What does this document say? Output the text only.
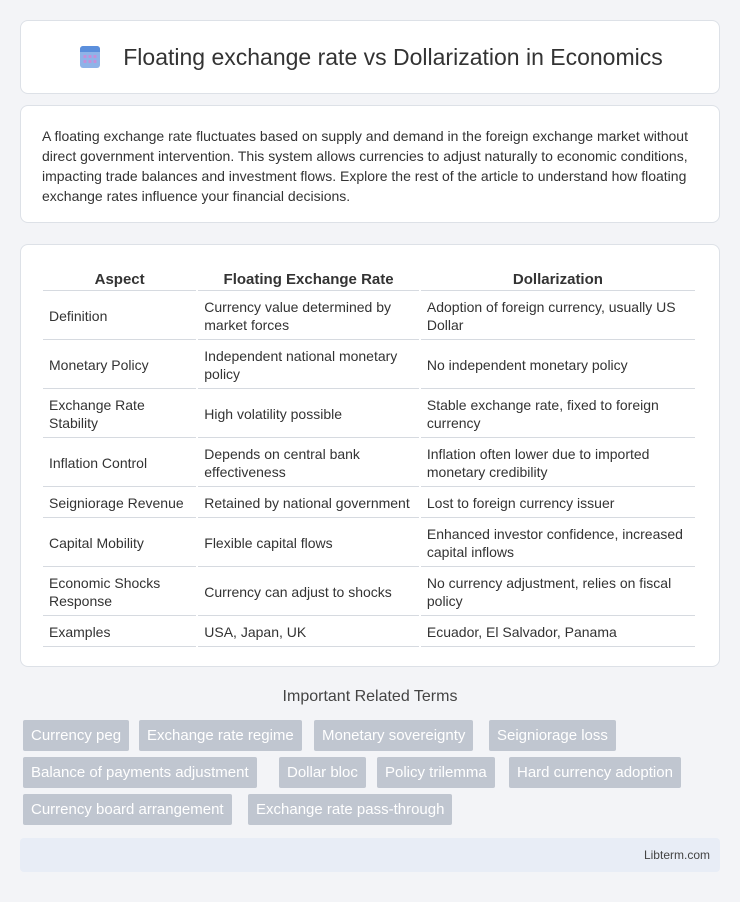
Floating exchange rate vs Dollarization in Economics

A floating exchange rate fluctuates based on supply and demand in the foreign exchange market without direct government intervention. This system allows currencies to adjust naturally to economic conditions, impacting trade balances and investment flows. Explore the rest of the article to understand how floating exchange rates influence your financial decisions.

Aspect	Floating Exchange Rate	Dollarization
Definition	Currency value determined by market forces	Adoption of foreign currency, usually US Dollar
Monetary Policy	Independent national monetary policy	No independent monetary policy
Exchange Rate Stability	High volatility possible	Stable exchange rate, fixed to foreign currency
Inflation Control	Depends on central bank effectiveness	Inflation often lower due to imported monetary credibility
Seigniorage Revenue	Retained by national government	Lost to foreign currency issuer
Capital Mobility	Flexible capital flows	Enhanced investor confidence, increased capital inflows
Economic Shocks Response	Currency can adjust to shocks	No currency adjustment, relies on fiscal policy
Examples	USA, Japan, UK	Ecuador, El Salvador, Panama
Important Related Terms
Currency peg	Exchange rate regime	Monetary sovereignty	Seigniorage loss
Balance of payments adjustment	Dollar bloc	Policy trilemma	Hard currency adoption
Currency board arrangement	Exchange rate pass-through
Libterm.com
